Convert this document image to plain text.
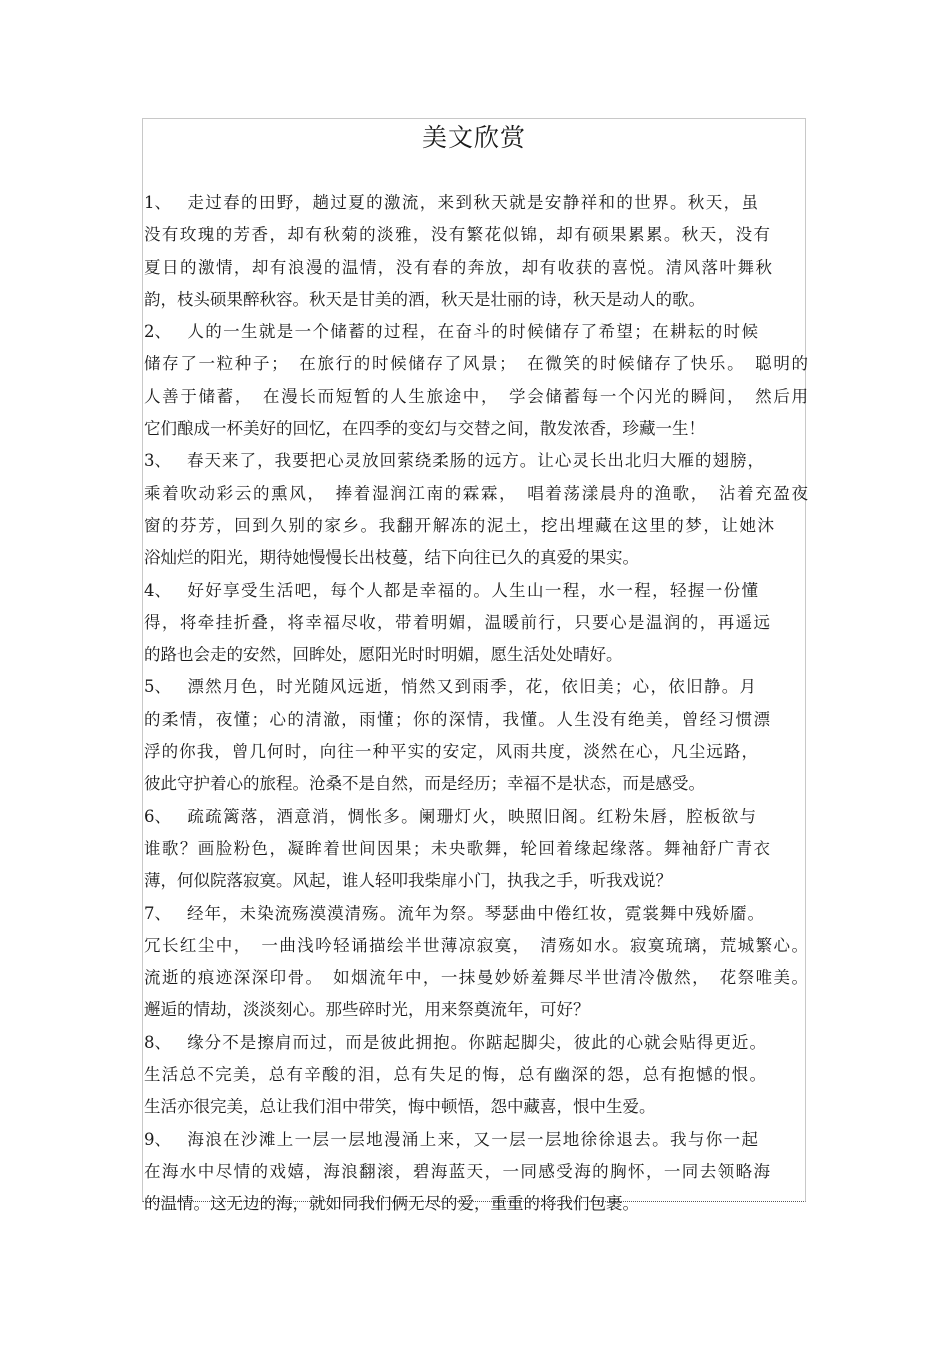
美文欣赏
1、 走过春的田野，趟过夏的激流，来到秋天就是安静祥和的世界。秋天，虽
没有玫瑰的芳香，却有秋菊的淡雅，没有繁花似锦，却有硕果累累。秋天，没有
夏日的激情，却有浪漫的温情，没有春的奔放，却有收获的喜悦。清风落叶舞秋
韵，枝头硕果醉秋容。秋天是甘美的酒，秋天是壮丽的诗，秋天是动人的歌。
2、 人的一生就是一个储蓄的过程，在奋斗的时候储存了希望；在耕耘的时候
储存了一粒种子；　在旅行的时候储存了风景；　在微笑的时候储存了快乐。　聪明的
人善于储蓄，　在漫长而短暂的人生旅途中，　学会储蓄每一个闪光的瞬间，　然后用
它们酿成一杯美好的回忆，在四季的变幻与交替之间，散发浓香，珍藏一生！
3、 春天来了，我要把心灵放回萦绕柔肠的远方。让心灵长出北归大雁的翅膀，
乘着吹动彩云的熏风，　捧着湿润江南的霖霖，　唱着荡漾晨舟的渔歌，　沾着充盈夜
窗的芬芳，回到久别的家乡。我翻开解冻的泥土，挖出埋藏在这里的梦，让她沐
浴灿烂的阳光，期待她慢慢长出枝蔓，结下向往已久的真爱的果实。
4、 好好享受生活吧，每个人都是幸福的。人生山一程，水一程，轻握一份懂
得，将牵挂折叠，将幸福尽收，带着明媚，温暖前行，只要心是温润的，再遥远
的路也会走的安然，回眸处，愿阳光时时明媚，愿生活处处晴好。
5、 漂然月色，时光随风远逝，悄然又到雨季，花，依旧美；心，依旧静。月
的柔情，夜懂；心的清澈，雨懂；你的深情，我懂。人生没有绝美，曾经习惯漂
浮的你我，曾几何时，向往一种平实的安定，风雨共度，淡然在心，凡尘远路，
彼此守护着心的旅程。沧桑不是自然，而是经历；幸福不是状态，而是感受。
6、 疏疏篱落，酒意消，惆怅多。阑珊灯火，映照旧阁。红粉朱唇，腔板欲与
谁歌？画脸粉色，凝眸着世间因果；未央歌舞，轮回着缘起缘落。舞袖舒广青衣
薄，何似院落寂寞。风起，谁人轻叩我柴扉小门，执我之手，听我戏说？
7、 经年，未染流殇漠漠清殇。流年为祭。琴瑟曲中倦红妆，霓裳舞中残娇靥。
冗长红尘中，　一曲浅吟轻诵描绘半世薄凉寂寞，　清殇如水。寂寞琉璃，荒城繁心。
流逝的痕迹深深印骨。　如烟流年中，一抹曼妙娇羞舞尽半世清冷傲然，　花祭唯美。
邂逅的情劫，淡淡刻心。那些碎时光，用来祭奠流年，可好？
8、 缘分不是擦肩而过，而是彼此拥抱。你踮起脚尖，彼此的心就会贴得更近。
生活总不完美，总有辛酸的泪，总有失足的悔，总有幽深的怨，总有抱憾的恨。
生活亦很完美，总让我们泪中带笑，悔中顿悟，怨中藏喜，恨中生爱。
9、 海浪在沙滩上一层一层地漫涌上来，又一层一层地徐徐退去。我与你一起
在海水中尽情的戏嬉，海浪翻滚，碧海蓝天，一同感受海的胸怀，一同去领略海
的温情。这无边的海，就如同我们俩无尽的爱，重重的将我们包裹。
